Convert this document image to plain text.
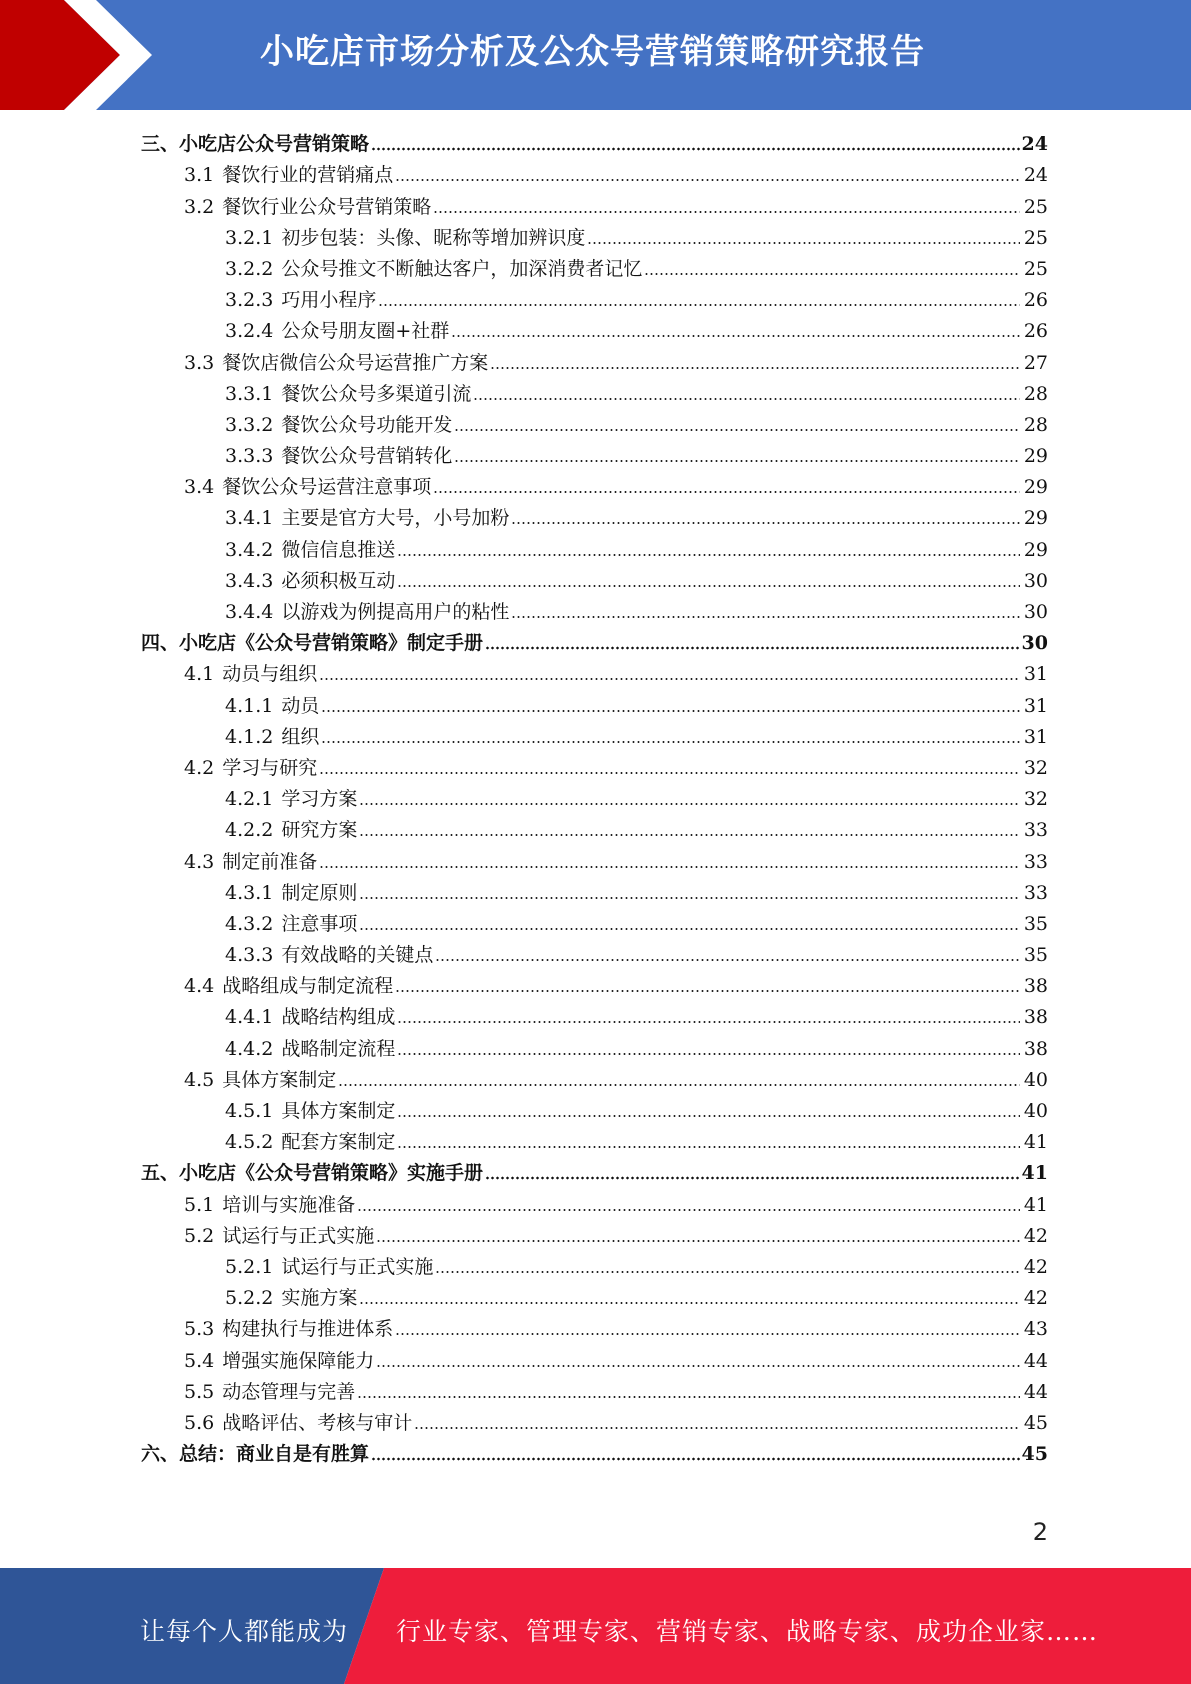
小吃店市场分析及公众号营销策略研究报告
三、小吃店公众号营销策略	24
3.1 餐饮行业的营销痛点	24
3.2 餐饮行业公众号营销策略	25
3.2.1 初步包装：头像、昵称等增加辨识度	25
3.2.2 公众号推文不断触达客户，加深消费者记忆	25
3.2.3 巧用小程序	26
3.2.4 公众号朋友圈+社群	26
3.3 餐饮店微信公众号运营推广方案	27
3.3.1 餐饮公众号多渠道引流	28
3.3.2 餐饮公众号功能开发	28
3.3.3 餐饮公众号营销转化	29
3.4 餐饮公众号运营注意事项	29
3.4.1 主要是官方大号，小号加粉	29
3.4.2 微信信息推送	29
3.4.3 必须积极互动	30
3.4.4 以游戏为例提高用户的粘性	30
四、小吃店《公众号营销策略》制定手册	30
4.1 动员与组织	31
4.1.1 动员	31
4.1.2 组织	31
4.2 学习与研究	32
4.2.1 学习方案	32
4.2.2 研究方案	33
4.3 制定前准备	33
4.3.1 制定原则	33
4.3.2 注意事项	35
4.3.3 有效战略的关键点	35
4.4 战略组成与制定流程	38
4.4.1 战略结构组成	38
4.4.2 战略制定流程	38
4.5 具体方案制定	40
4.5.1 具体方案制定	40
4.5.2 配套方案制定	41
五、小吃店《公众号营销策略》实施手册	41
5.1 培训与实施准备	41
5.2 试运行与正式实施	42
5.2.1 试运行与正式实施	42
5.2.2 实施方案	42
5.3 构建执行与推进体系	43
5.4 增强实施保障能力	44
5.5 动态管理与完善	44
5.6 战略评估、考核与审计	45
六、总结：商业自是有胜算	45
2
让每个人都能成为 行业专家、管理专家、营销专家、战略专家、成功企业家……
